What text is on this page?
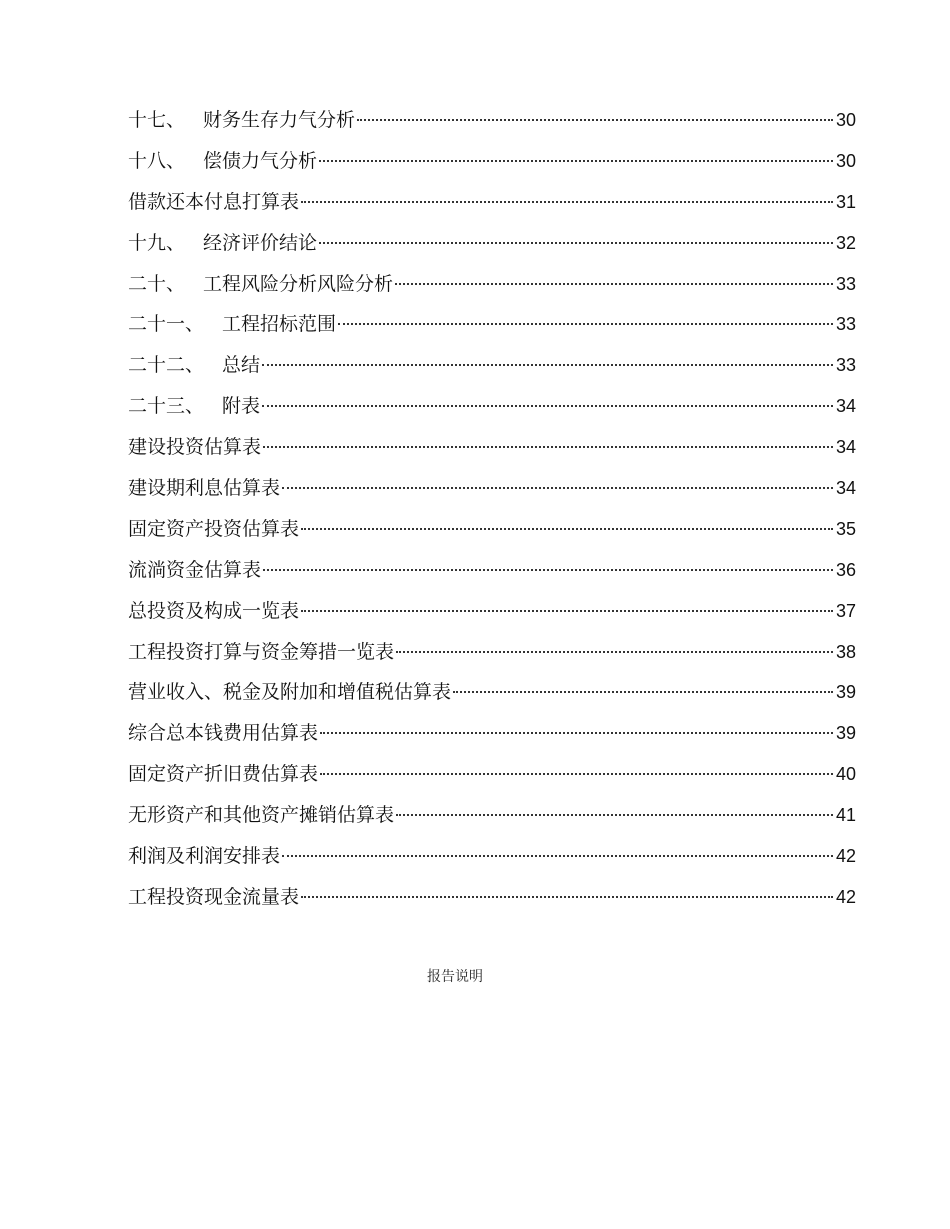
十七、 财务生存力气分析	30
十八、 偿债力气分析	30
借款还本付息打算表	31
十九、 经济评价结论	32
二十、 工程风险分析风险分析	33
二十一、 工程招标范围	33
二十二、 总结	33
二十三、 附表	34
建设投资估算表	34
建设期利息估算表	34
固定资产投资估算表	35
流淌资金估算表	36
总投资及构成一览表	37
工程投资打算与资金筹措一览表	38
营业收入、税金及附加和增值税估算表	39
综合总本钱费用估算表	39
固定资产折旧费估算表	40
无形资产和其他资产摊销估算表	41
利润及利润安排表	42
工程投资现金流量表	42
报告说明
